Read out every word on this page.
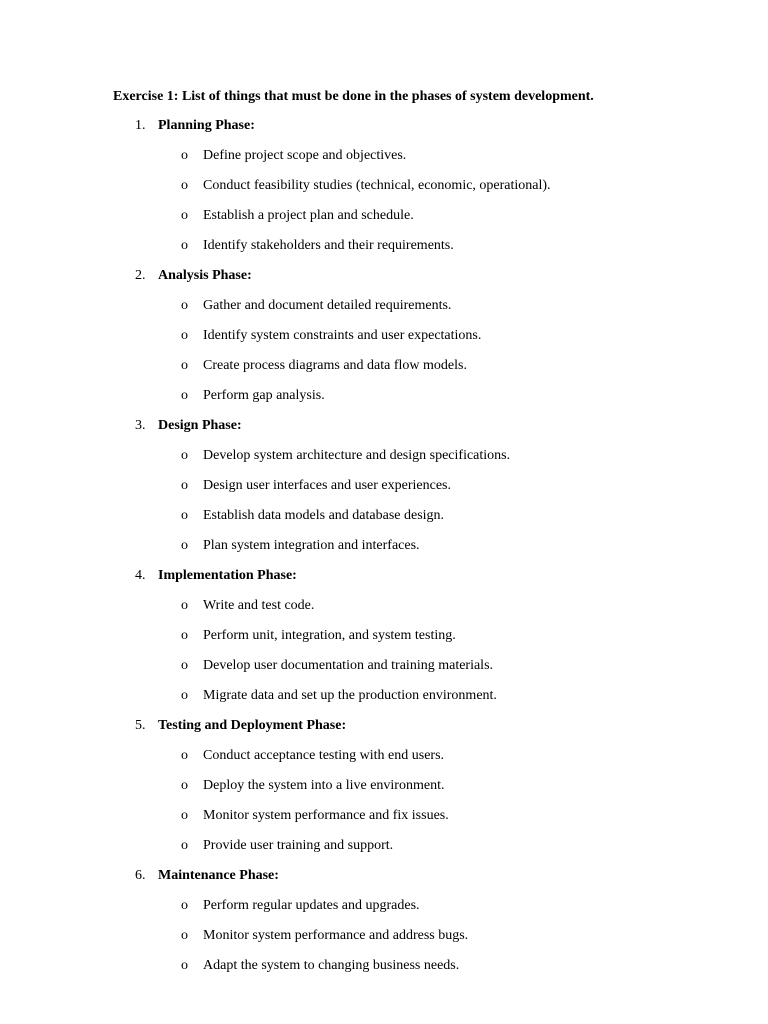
Exercise 1: List of things that must be done in the phases of system development.
1. Planning Phase:
o Define project scope and objectives.
o Conduct feasibility studies (technical, economic, operational).
o Establish a project plan and schedule.
o Identify stakeholders and their requirements.
2. Analysis Phase:
o Gather and document detailed requirements.
o Identify system constraints and user expectations.
o Create process diagrams and data flow models.
o Perform gap analysis.
3. Design Phase:
o Develop system architecture and design specifications.
o Design user interfaces and user experiences.
o Establish data models and database design.
o Plan system integration and interfaces.
4. Implementation Phase:
o Write and test code.
o Perform unit, integration, and system testing.
o Develop user documentation and training materials.
o Migrate data and set up the production environment.
5. Testing and Deployment Phase:
o Conduct acceptance testing with end users.
o Deploy the system into a live environment.
o Monitor system performance and fix issues.
o Provide user training and support.
6. Maintenance Phase:
o Perform regular updates and upgrades.
o Monitor system performance and address bugs.
o Adapt the system to changing business needs.
